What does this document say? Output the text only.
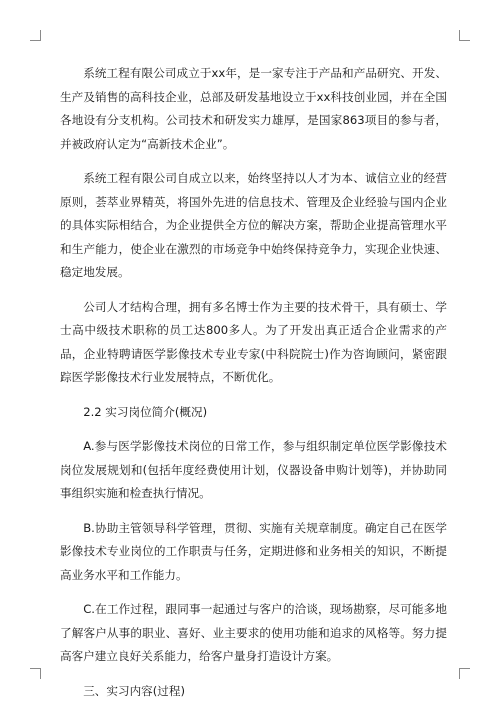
系统工程有限公司成立于xx年，是一家专注于产品和产品研究、开发、生产及销售的高科技企业，总部及研发基地设立于xx科技创业园，并在全国各地设有分支机构。公司技术和研发实力雄厚，是国家863项目的参与者，并被政府认定为“高新技术企业”。

系统工程有限公司自成立以来，始终坚持以人才为本、诚信立业的经营原则，荟萃业界精英，将国外先进的信息技术、管理及企业经验与国内企业的具体实际相结合，为企业提供全方位的解决方案，帮助企业提高管理水平和生产能力，使企业在激烈的市场竞争中始终保持竞争力，实现企业快速、稳定地发展。

公司人才结构合理，拥有多名博士作为主要的技术骨干，具有硕士、学士高中级技术职称的员工达800多人。为了开发出真正适合企业需求的产品，企业特聘请医学影像技术专业专家(中科院院士)作为咨询顾问，紧密跟踪医学影像技术行业发展特点，不断优化。

2.2 实习岗位简介(概况)

A.参与医学影像技术岗位的日常工作，参与组织制定单位医学影像技术岗位发展规划和(包括年度经费使用计划，仪器设备申购计划等)，并协助同事组织实施和检查执行情况。

B.协助主管领导科学管理，贯彻、实施有关规章制度。确定自己在医学影像技术专业岗位的工作职责与任务，定期进修和业务相关的知识，不断提高业务水平和工作能力。

C.在工作过程，跟同事一起通过与客户的洽谈，现场勘察，尽可能多地了解客户从事的职业、喜好、业主要求的使用功能和追求的风格等。努力提高客户建立良好关系能力，给客户量身打造设计方案。

三、实习内容(过程)
